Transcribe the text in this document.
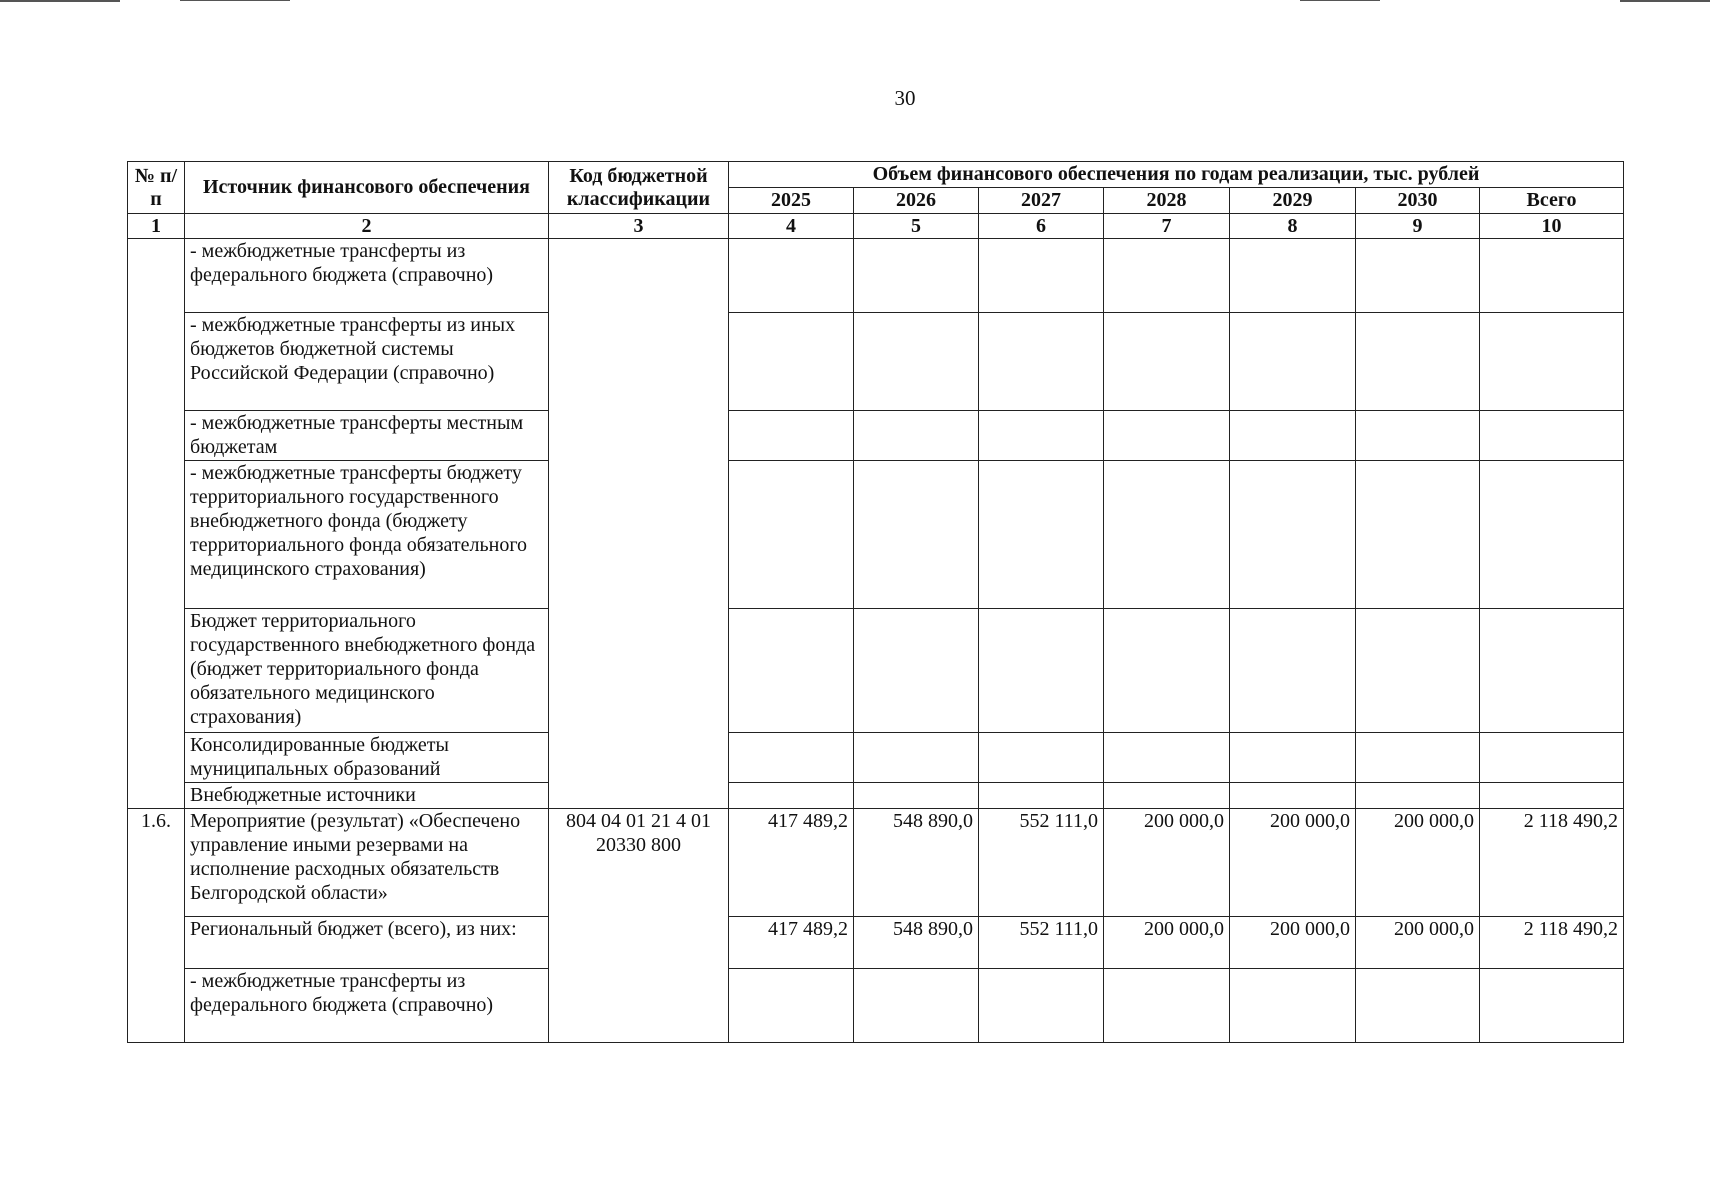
30
№ п/п	Источник финансового обеспечения	Код бюджетной классификации	Объем финансового обеспечения по годам реализации, тыс. рублей						
			2025	2026	2027	2028	2029	2030	Всего
1	2	3	4	5	6	7	8	9	10
	- межбюджетные трансферты из федерального бюджета (справочно)								
	- межбюджетные трансферты из иных бюджетов бюджетной системы Российской Федерации (справочно)								
	- межбюджетные трансферты местным бюджетам								
	- межбюджетные трансферты бюджету территориального государственного внебюджетного фонда (бюджету территориального фонда обязательного медицинского страхования)								
	Бюджет территориального государственного внебюджетного фонда (бюджет территориального фонда обязательного медицинского страхования)								
	Консолидированные бюджеты муниципальных образований								
	Внебюджетные источники								
1.6.	Мероприятие (результат) «Обеспечено управление иными резервами на исполнение расходных обязательств Белгородской области»	804 04 01 21 4 01 20330 800	417 489,2	548 890,0	552 111,0	200 000,0	200 000,0	200 000,0	2 118 490,2
	Региональный бюджет (всего), из них:		417 489,2	548 890,0	552 111,0	200 000,0	200 000,0	200 000,0	2 118 490,2
	- межбюджетные трансферты из федерального бюджета (справочно)								
